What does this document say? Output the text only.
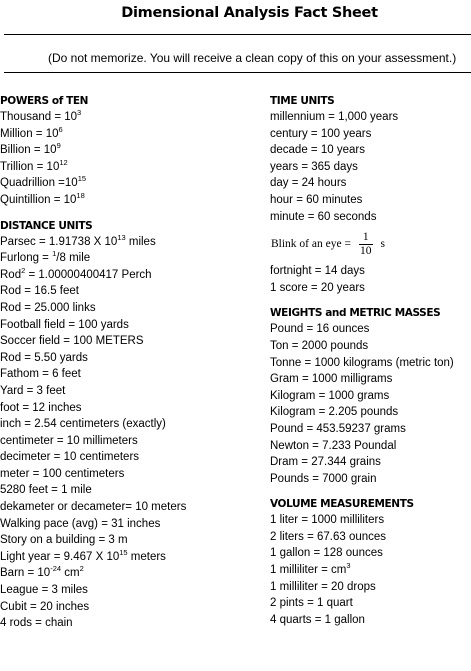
Dimensional Analysis Fact Sheet
(Do not memorize. You will receive a clean copy of this on your assessment.)
POWERS of TEN
Thousand = $10^3$
Million = $10^6$
Billion = $10^9$
Trillion = $10^{12}$
Quadrillion $=10^{15}$
Quintillion = $10^{18}$
DISTANCE UNITS
Parsec = 1.91738 X $10^{13}$ miles
Furlong = $^1$/8 mile
Rod$^2$ = 1.00000400417 Perch
Rod = 16.5 feet
Rod = 25.000 links
Football field = 100 yards
Soccer field = 100 METERS
Rod = 5.50 yards
Fathom = 6 feet
Yard = 3 feet
foot = 12 inches
inch = 2.54 centimeters (exactly)
centimeter = 10 millimeters
decimeter = 10 centimeters
meter = 100 centimeters
5280 feet = 1 mile
dekameter or decameter= 10 meters
Walking pace (avg) = 31 inches
Story on a building = 3 m
Light year = 9.467 X $10^{15}$ meters
Barn = $10^{-24}$ $cm^2$
League = 3 miles
Cubit = 20 inches
4 rods = chain
TIME UNITS
millennium = 1,000 years
century = 100 years
decade = 10 years
years = 365 days
day = 24 hours
hour = 60 minutes
minute = 60 seconds
Blink of an eye = $\frac{1}{10}$ s
fortnight = 14 days
1 score = 20 years
WEIGHTS and METRIC MASSES
Pound = 16 ounces
Ton = 2000 pounds
Tonne = 1000 kilograms (metric ton)
Gram = 1000 milligrams
Kilogram = 1000 grams
Kilogram = 2.205 pounds
Pound = 453.59237 grams
Newton = 7.233 Poundal
Dram = 27.344 grains
Pounds = 7000 grain
VOLUME MEASUREMENTS
1 liter = 1000 milliliters
2 liters = 67.63 ounces
1 gallon = 128 ounces
1 milliliter = $cm^3$
1 milliliter = 20 drops
2 pints = 1 quart
4 quarts = 1 gallon
